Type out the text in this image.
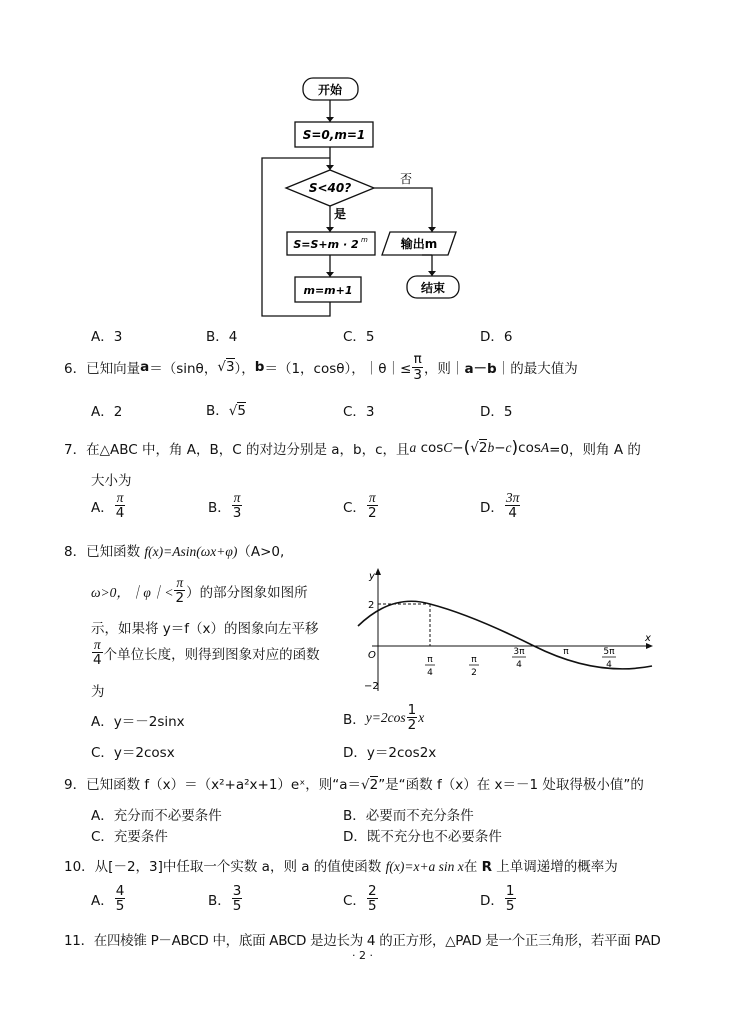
开始
S=0,m=1
S<40?
否
是
S=S+m · 2 m
m=m+1
输出m
结束
A．3	B．4	C．5	D．6
6．已知向量 a ＝（sinθ， √3 ）， b ＝（1，cosθ），｜θ｜≤ $\frac{\pi}{3}$ ，则｜ a－b ｜的最大值为
A．2	B．√5	C．3	D．5
7．在△ABC 中，角 A，B，C 的对边分别是 a，b，c，且 a
cos C − ( √2 b − c ) cos A =0，则角 A 的
大小为
A． $\frac{\pi}{4}$	B． $\frac{\pi}{3}$	C． $\frac{\pi}{2}$	D． $\frac{3\pi}{4}$
8．已知函数 f(x)=Asin(ωx+φ)（A>0,
ω>0，｜φ｜< $\frac{\pi}{2}$ ）的部分图象如图所
示，如果将 y＝f（x）的图象向左平移
$\frac{\pi}{4}$ 个单位长度，则得到图象对应的函数
为
y
x
O
2
−2
π
4
π
2
3π
4
π	5π
4
A．y＝－2sinx	B． $y=2\cos \frac{1}{2}$ x
C．y＝2cosx	D．y＝2cos2x
9．已知函数 f（x）＝（x²+a²x+1）eˣ，则“a＝√2”是“函数 f（x）在 x＝－1 处取得极小值”的
A．充分而不必要条件	B．必要而不充分条件
C．充要条件	D．既不充分也不必要条件
10．从[－2，3]中任取一个实数 a，则 a 的值使函数 f(x)=x+a sin x在 R 上单调递增的概率为
A． $\frac{4}{5}$	B． $\frac{3}{5}$	C． $\frac{2}{5}$	D． $\frac{1}{5}$
11．在四棱锥 P－ABCD 中，底面 ABCD 是边长为 4 的正方形，△PAD 是一个正三角形，若平面 PAD
· 2 ·
